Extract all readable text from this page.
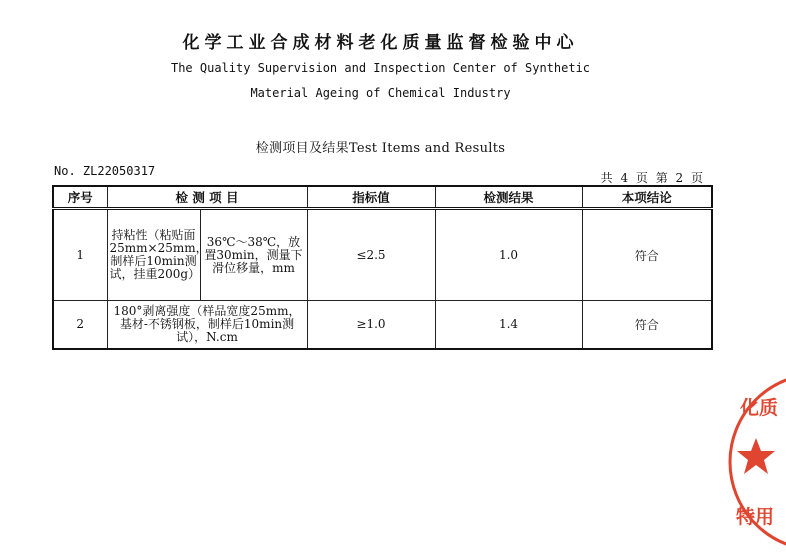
化学工业合成材料老化质量监督检验中心
The Quality Supervision and Inspection Center of Synthetic
Material Ageing of Chemical Industry
检测项目及结果Test Items and Results
No. ZL22050317	共 4 页 第 2 页
序号	检 测 项 目		指标值	检测结果	本项结论
1	持粘性（粘贴面25mm×25mm，制样后10min测试，挂重200g）	36℃～38℃，放置30min，测量下滑位移量，mm	≤2.5	1.0	符合
2	180°剥离强度（样品宽度25mm，基材-不锈钢板，制样后10min测试），N.cm		≥1.0	1.4	符合
化质
特用
